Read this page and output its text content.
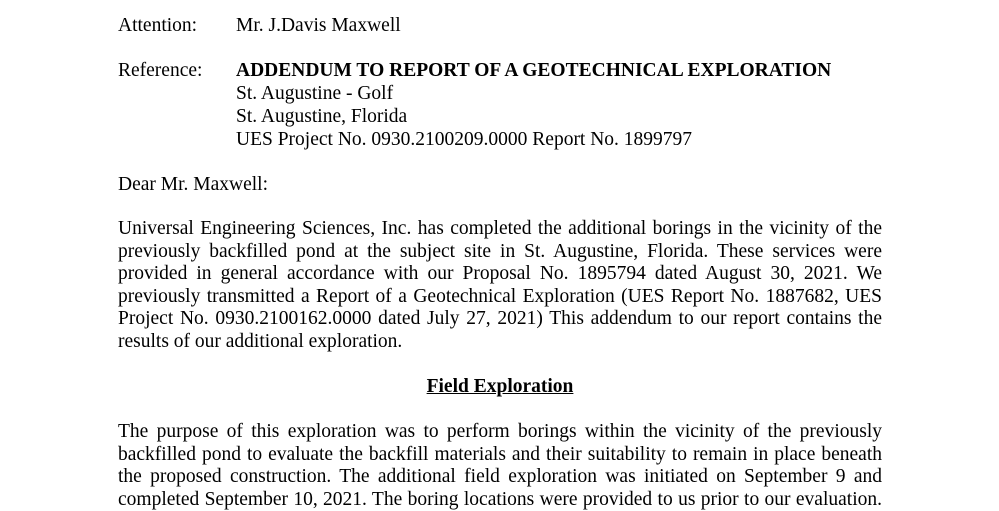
Attention: Mr. J.Davis Maxwell
Reference: ADDENDUM TO REPORT OF A GEOTECHNICAL EXPLORATION
St. Augustine - Golf
St. Augustine, Florida
UES Project No. 0930.2100209.0000 Report No. 1899797
Dear Mr. Maxwell:
Universal Engineering Sciences, Inc. has completed the additional borings in the vicinity of the
previously backfilled pond at the subject site in St. Augustine, Florida. These services were
provided in general accordance with our Proposal No. 1895794 dated August 30, 2021. We
previously transmitted a Report of a Geotechnical Exploration (UES Report No. 1887682, UES
Project No. 0930.2100162.0000 dated July 27, 2021) This addendum to our report contains the
results of our additional exploration.
Field Exploration
The purpose of this exploration was to perform borings within the vicinity of the previously
backfilled pond to evaluate the backfill materials and their suitability to remain in place beneath
the proposed construction. The additional field exploration was initiated on September 9 and
completed September 10, 2021. The boring locations were provided to us prior to our evaluation.
